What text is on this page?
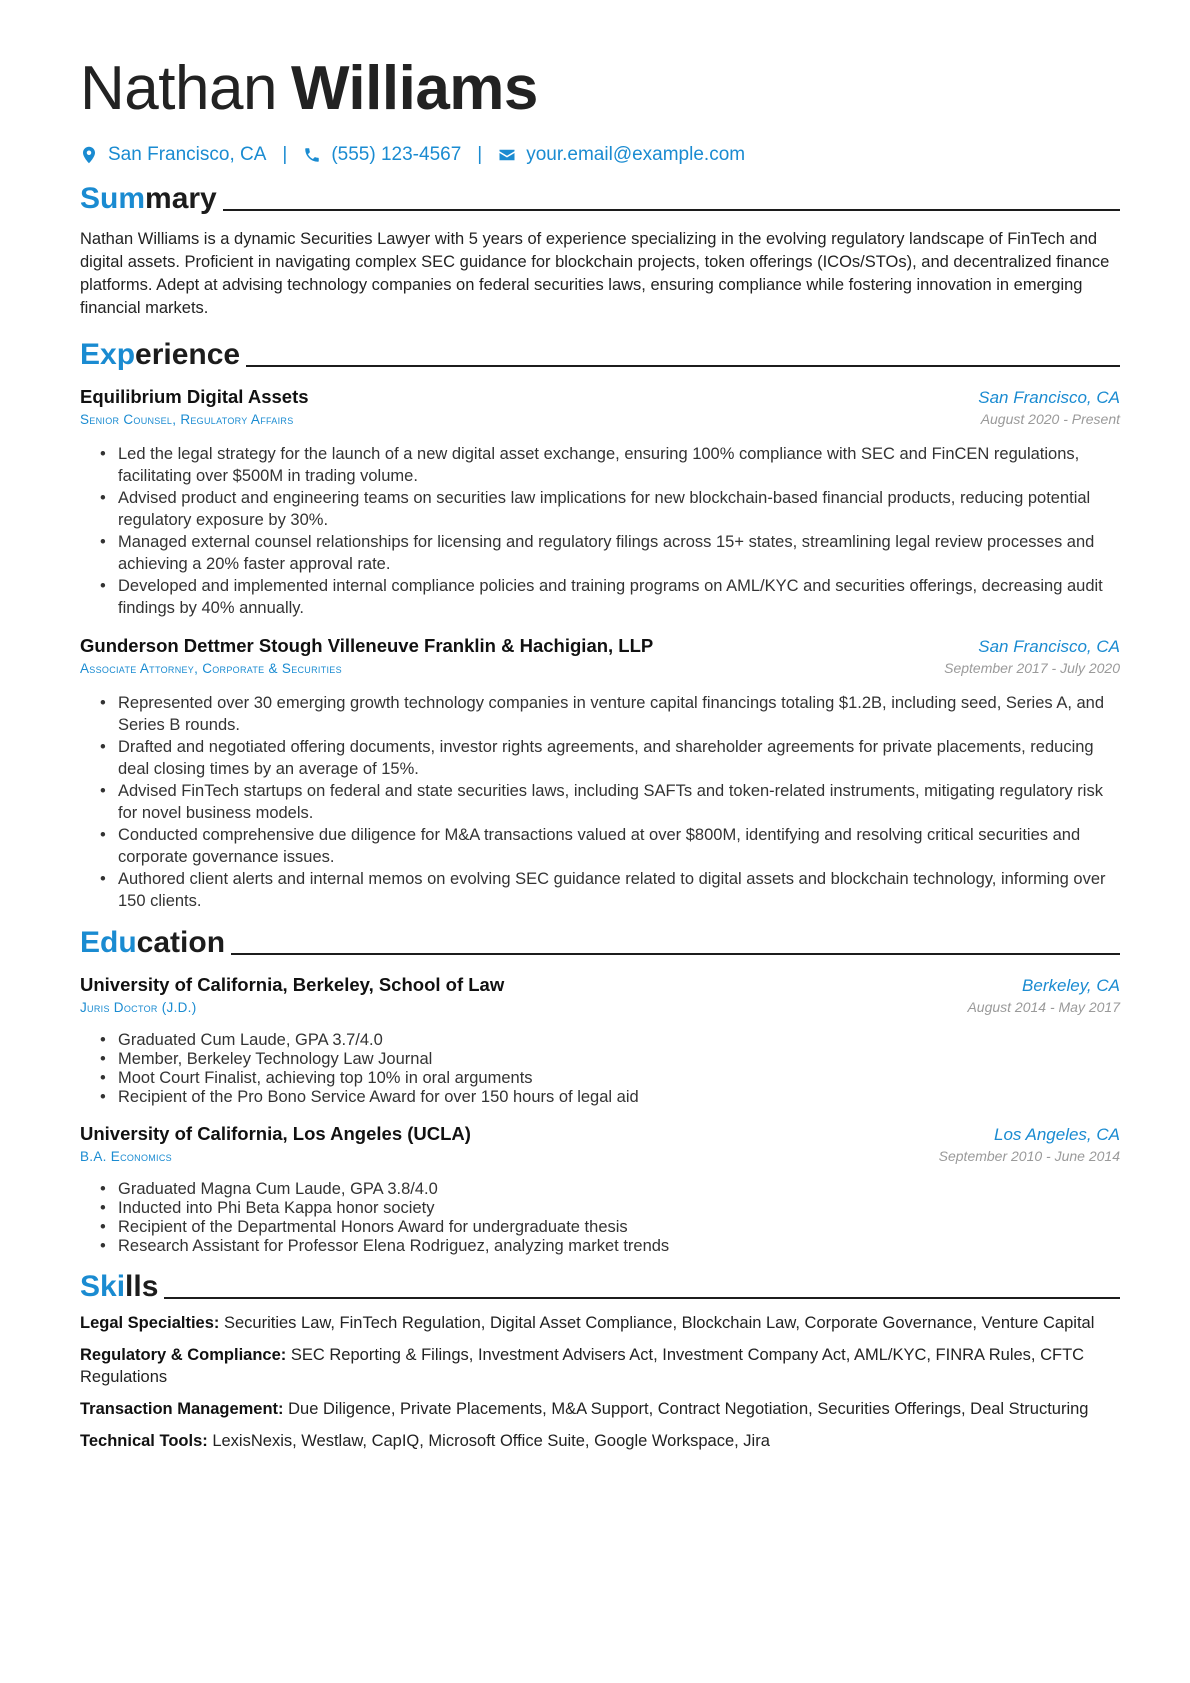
Nathan Williams
San Francisco, CA | (555) 123-4567 | your.email@example.com
Summary

Nathan Williams is a dynamic Securities Lawyer with 5 years of experience specializing in the evolving regulatory landscape of FinTech and digital assets. Proficient in navigating complex SEC guidance for blockchain projects, token offerings (ICOs/STOs), and decentralized finance platforms. Adept at advising technology companies on federal securities laws, ensuring compliance while fostering innovation in emerging financial markets.

Experience
Equilibrium Digital Assets	San Francisco, CA
Senior Counsel, Regulatory Affairs	August 2020 - Present
• Led the legal strategy for the launch of a new digital asset exchange, ensuring 100% compliance with SEC and FinCEN regulations, facilitating over $500M in trading volume.
• Advised product and engineering teams on securities law implications for new blockchain-based financial products, reducing potential regulatory exposure by 30%.
• Managed external counsel relationships for licensing and regulatory filings across 15+ states, streamlining legal review processes and achieving a 20% faster approval rate.
• Developed and implemented internal compliance policies and training programs on AML/KYC and securities offerings, decreasing audit findings by 40% annually.
Gunderson Dettmer Stough Villeneuve Franklin & Hachigian, LLP	San Francisco, CA
Associate Attorney, Corporate & Securities	September 2017 - July 2020
• Represented over 30 emerging growth technology companies in venture capital financings totaling $1.2B, including seed, Series A, and Series B rounds.
• Drafted and negotiated offering documents, investor rights agreements, and shareholder agreements for private placements, reducing deal closing times by an average of 15%.
• Advised FinTech startups on federal and state securities laws, including SAFTs and token-related instruments, mitigating regulatory risk for novel business models.
• Conducted comprehensive due diligence for M&A transactions valued at over $800M, identifying and resolving critical securities and corporate governance issues.
• Authored client alerts and internal memos on evolving SEC guidance related to digital assets and blockchain technology, informing over 150 clients.
Education
University of California, Berkeley, School of Law	Berkeley, CA
Juris Doctor (J.D.)	August 2014 - May 2017
• Graduated Cum Laude, GPA 3.7/4.0
• Member, Berkeley Technology Law Journal
• Moot Court Finalist, achieving top 10% in oral arguments
• Recipient of the Pro Bono Service Award for over 150 hours of legal aid
University of California, Los Angeles (UCLA)	Los Angeles, CA
B.A. Economics	September 2010 - June 2014
• Graduated Magna Cum Laude, GPA 3.8/4.0
• Inducted into Phi Beta Kappa honor society
• Recipient of the Departmental Honors Award for undergraduate thesis
• Research Assistant for Professor Elena Rodriguez, analyzing market trends
Skills
Legal Specialties: Securities Law, FinTech Regulation, Digital Asset Compliance, Blockchain Law, Corporate Governance, Venture Capital
Regulatory & Compliance: SEC Reporting & Filings, Investment Advisers Act, Investment Company Act, AML/KYC, FINRA Rules, CFTC Regulations
Transaction Management: Due Diligence, Private Placements, M&A Support, Contract Negotiation, Securities Offerings, Deal Structuring
Technical Tools: LexisNexis, Westlaw, CapIQ, Microsoft Office Suite, Google Workspace, Jira
